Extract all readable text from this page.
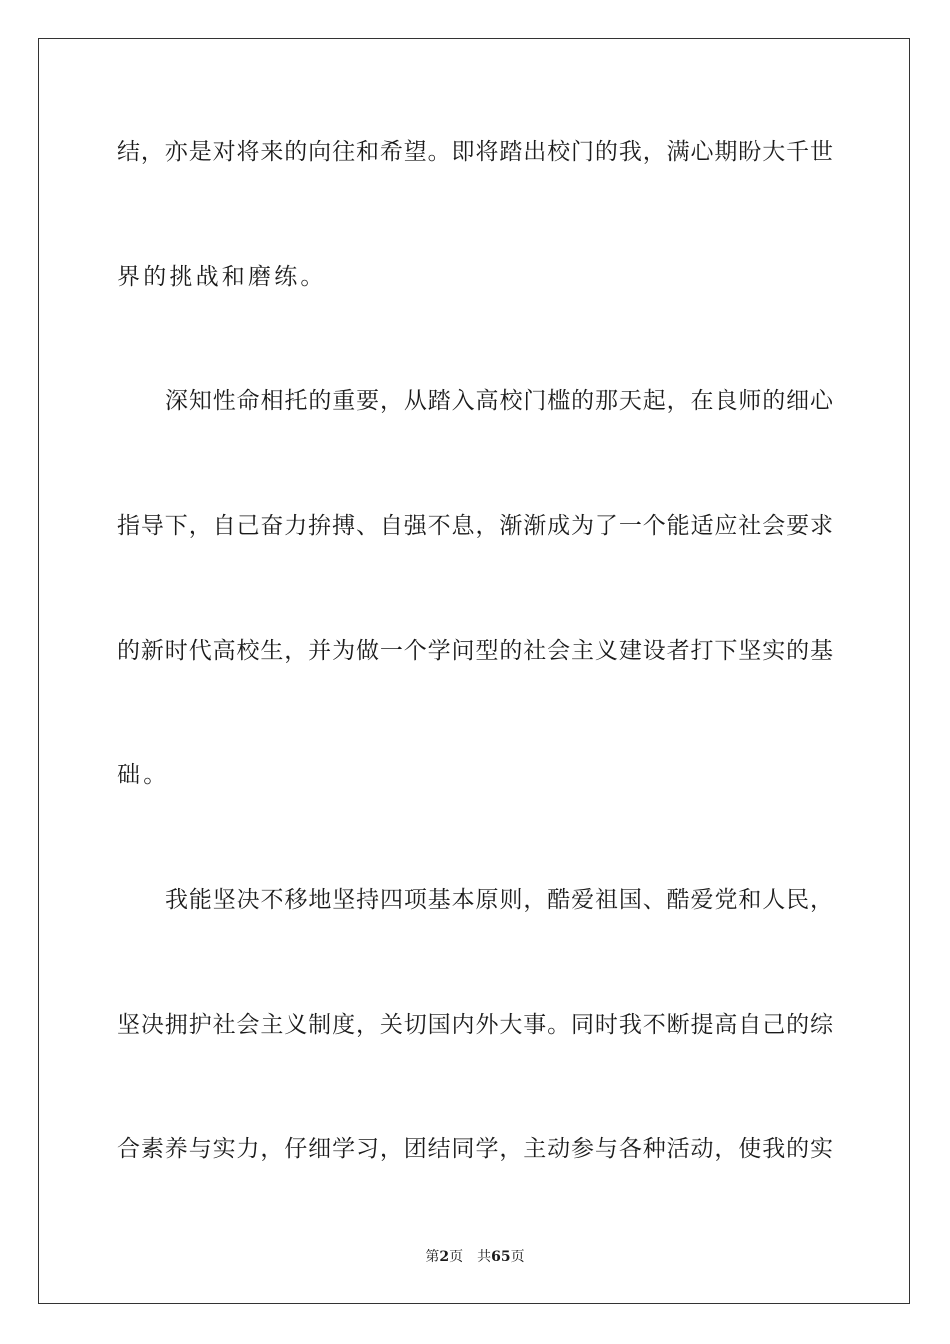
结，亦是对将来的向往和希望。即将踏出校门的我，满心期盼大千世
界的挑战和磨练。
深知性命相托的重要，从踏入高校门槛的那天起，在良师的细心
指导下，自己奋力拚搏、自强不息，渐渐成为了一个能适应社会要求
的新时代高校生，并为做一个学问型的社会主义建设者打下坚实的基
础。
我能坚决不移地坚持四项基本原则，酷爱祖国、酷爱党和人民，
坚决拥护社会主义制度，关切国内外大事。同时我不断提高自己的综
合素养与实力，仔细学习，团结同学，主动参与各种活动，使我的实
第2页 共65页
